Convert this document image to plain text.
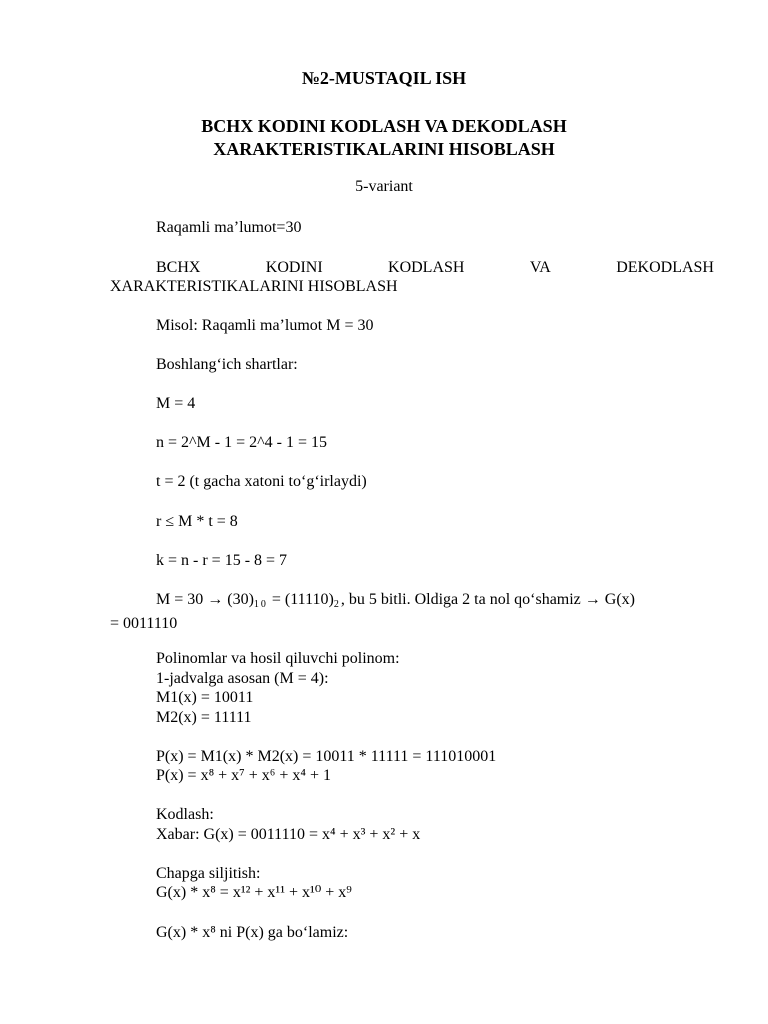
№2-MUSTAQIL ISH
BCHX KODINI KODLASH VA DEKODLASH
XARAKTERISTIKALARINI HISOBLASH
5-variant
Raqamli ma’lumot=30
BCHX	KODINI	KODLASH	VA	DEKODLASH
XARAKTERISTIKALARINI HISOBLASH
Misol: Raqamli ma’lumot M = 30
Boshlang‘ich shartlar:
M = 4
n = 2^M - 1 = 2^4 - 1 = 15
t = 2 (t gacha xatoni to‘g‘irlaydi)
r ≤ M * t = 8
k = n - r = 15 - 8 = 7
$M = 30 \to (30)_{10} = (11110)_2$, bu 5 bitli. Oldiga 2 ta nol qo‘shamiz → G(x)
= 0011110
Polinomlar va hosil qiluvchi polinom:
1-jadvalga asosan (M = 4):
M1(x) = 10011
M2(x) = 11111
P(x) = M1(x) * M2(x) = 10011 * 11111 = 111010001
P(x) = x⁸ + x⁷ + x⁶ + x⁴ + 1
Kodlash:
Xabar: G(x) = 0011110 = x⁴ + x³ + x² + x
Chapga siljitish:
G(x) * x⁸ = x¹² + x¹¹ + x¹⁰ + x⁹
G(x) * x⁸ ni P(x) ga bo‘lamiz:
